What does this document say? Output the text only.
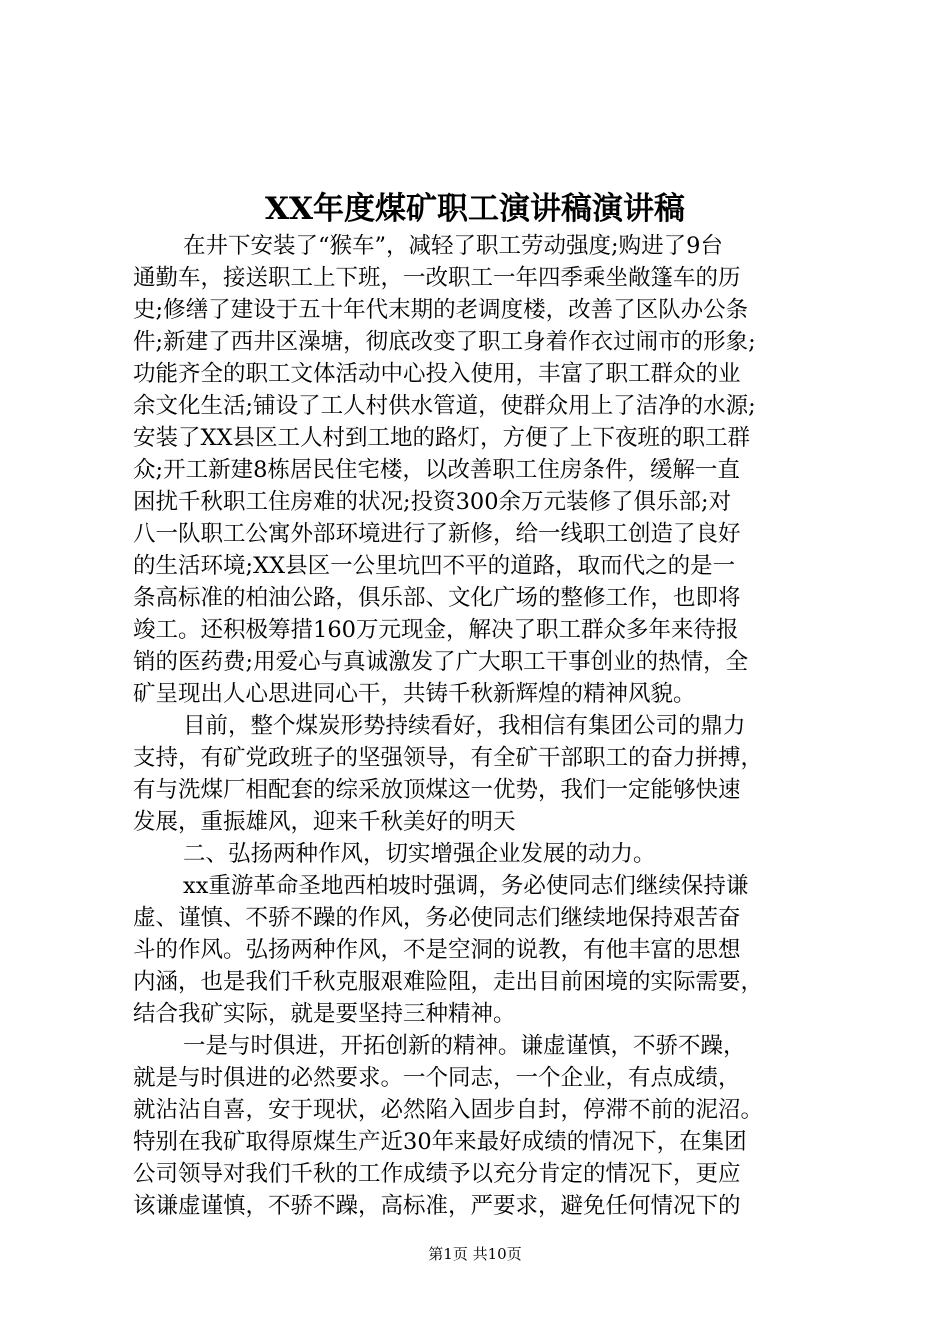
XX年度煤矿职工演讲稿演讲稿
在井下安装了“猴车”，减轻了职工劳动强度;购进了9台
通勤车，接送职工上下班，一改职工一年四季乘坐敞篷车的历
史;修缮了建设于五十年代末期的老调度楼，改善了区队办公条
件;新建了西井区澡塘，彻底改变了职工身着作衣过闹市的形象;
功能齐全的职工文体活动中心投入使用，丰富了职工群众的业
余文化生活;铺设了工人村供水管道，使群众用上了洁净的水源;
安装了XX县区工人村到工地的路灯，方便了上下夜班的职工群
众;开工新建8栋居民住宅楼，以改善职工住房条件，缓解一直
困扰千秋职工住房难的状况;投资300余万元装修了俱乐部;对
八一队职工公寓外部环境进行了新修，给一线职工创造了良好
的生活环境;XX县区一公里坑凹不平的道路，取而代之的是一
条高标准的柏油公路，俱乐部、文化广场的整修工作，也即将
竣工。还积极筹措160万元现金，解决了职工群众多年来待报
销的医药费;用爱心与真诚激发了广大职工干事创业的热情，全
矿呈现出人心思进同心干，共铸千秋新辉煌的精神风貌。
目前，整个煤炭形势持续看好，我相信有集团公司的鼎力
支持，有矿党政班子的坚强领导，有全矿干部职工的奋力拼搏，
有与洗煤厂相配套的综采放顶煤这一优势，我们一定能够快速
发展，重振雄风，迎来千秋美好的明天
二、弘扬两种作风，切实增强企业发展的动力。
xx重游革命圣地西柏坡时强调，务必使同志们继续保持谦
虚、谨慎、不骄不躁的作风，务必使同志们继续地保持艰苦奋
斗的作风。弘扬两种作风，不是空洞的说教，有他丰富的思想
内涵，也是我们千秋克服艰难险阻，走出目前困境的实际需要，
结合我矿实际，就是要坚持三种精神。
一是与时俱进，开拓创新的精神。谦虚谨慎，不骄不躁，
就是与时俱进的必然要求。一个同志，一个企业，有点成绩，
就沾沾自喜，安于现状，必然陷入固步自封，停滞不前的泥沼。
特别在我矿取得原煤生产近30年来最好成绩的情况下，在集团
公司领导对我们千秋的工作成绩予以充分肯定的情况下，更应
该谦虚谨慎，不骄不躁，高标准，严要求，避免任何情况下的
第1页 共10页
